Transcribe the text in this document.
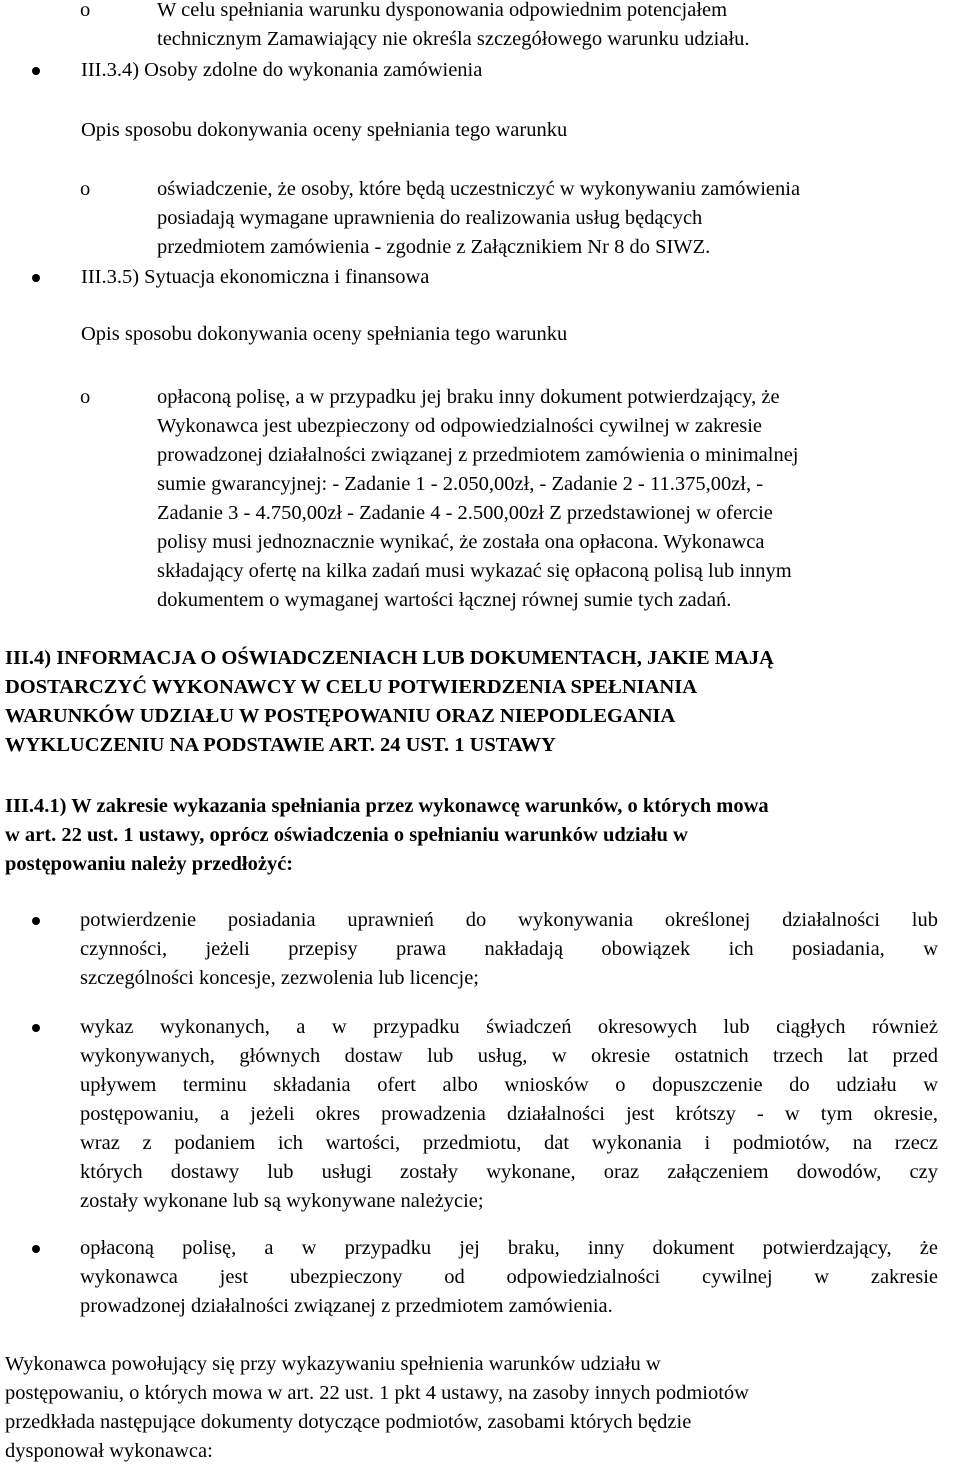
o	W celu spełniania warunku dysponowania odpowiednim potencjałem
technicznym Zamawiający nie określa szczegółowego warunku udziału.
III.3.4) Osoby zdolne do wykonania zamówienia
Opis sposobu dokonywania oceny spełniania tego warunku
o	oświadczenie, że osoby, które będą uczestniczyć w wykonywaniu zamówienia
posiadają wymagane uprawnienia do realizowania usług będących
przedmiotem zamówienia - zgodnie z Załącznikiem Nr 8 do SIWZ.
III.3.5) Sytuacja ekonomiczna i finansowa
Opis sposobu dokonywania oceny spełniania tego warunku
o	opłaconą polisę, a w przypadku jej braku inny dokument potwierdzający, że
Wykonawca jest ubezpieczony od odpowiedzialności cywilnej w zakresie
prowadzonej działalności związanej z przedmiotem zamówienia o minimalnej
sumie gwarancyjnej: - Zadanie 1 - 2.050,00zł, - Zadanie 2 - 11.375,00zł, -
Zadanie 3 - 4.750,00zł - Zadanie 4 - 2.500,00zł Z przedstawionej w ofercie
polisy musi jednoznacznie wynikać, że została ona opłacona. Wykonawca
składający ofertę na kilka zadań musi wykazać się opłaconą polisą lub innym
dokumentem o wymaganej wartości łącznej równej sumie tych zadań.
III.4) INFORMACJA O OŚWIADCZENIACH LUB DOKUMENTACH, JAKIE MAJĄ
DOSTARCZYĆ WYKONAWCY W CELU POTWIERDZENIA SPEŁNIANIA
WARUNKÓW UDZIAŁU W POSTĘPOWANIU ORAZ NIEPODLEGANIA
WYKLUCZENIU NA PODSTAWIE ART. 24 UST. 1 USTAWY
III.4.1) W zakresie wykazania spełniania przez wykonawcę warunków, o których mowa
w art. 22 ust. 1 ustawy, oprócz oświadczenia o spełnianiu warunków udziału w
postępowaniu należy przedłożyć:
potwierdzenie posiadania uprawnień do wykonywania określonej działalności lub
czynności, jeżeli przepisy prawa nakładają obowiązek ich posiadania, w
szczególności koncesje, zezwolenia lub licencje;
wykaz wykonanych, a w przypadku świadczeń okresowych lub ciągłych również
wykonywanych, głównych dostaw lub usług, w okresie ostatnich trzech lat przed
upływem terminu składania ofert albo wniosków o dopuszczenie do udziału w
postępowaniu, a jeżeli okres prowadzenia działalności jest krótszy - w tym okresie,
wraz z podaniem ich wartości, przedmiotu, dat wykonania i podmiotów, na rzecz
których dostawy lub usługi zostały wykonane, oraz załączeniem dowodów, czy
zostały wykonane lub są wykonywane należycie;
opłaconą polisę, a w przypadku jej braku, inny dokument potwierdzający, że
wykonawca jest ubezpieczony od odpowiedzialności cywilnej w zakresie
prowadzonej działalności związanej z przedmiotem zamówienia.
Wykonawca powołujący się przy wykazywaniu spełnienia warunków udziału w
postępowaniu, o których mowa w art. 22 ust. 1 pkt 4 ustawy, na zasoby innych podmiotów
przedkłada następujące dokumenty dotyczące podmiotów, zasobami których będzie
dysponował wykonawca:
